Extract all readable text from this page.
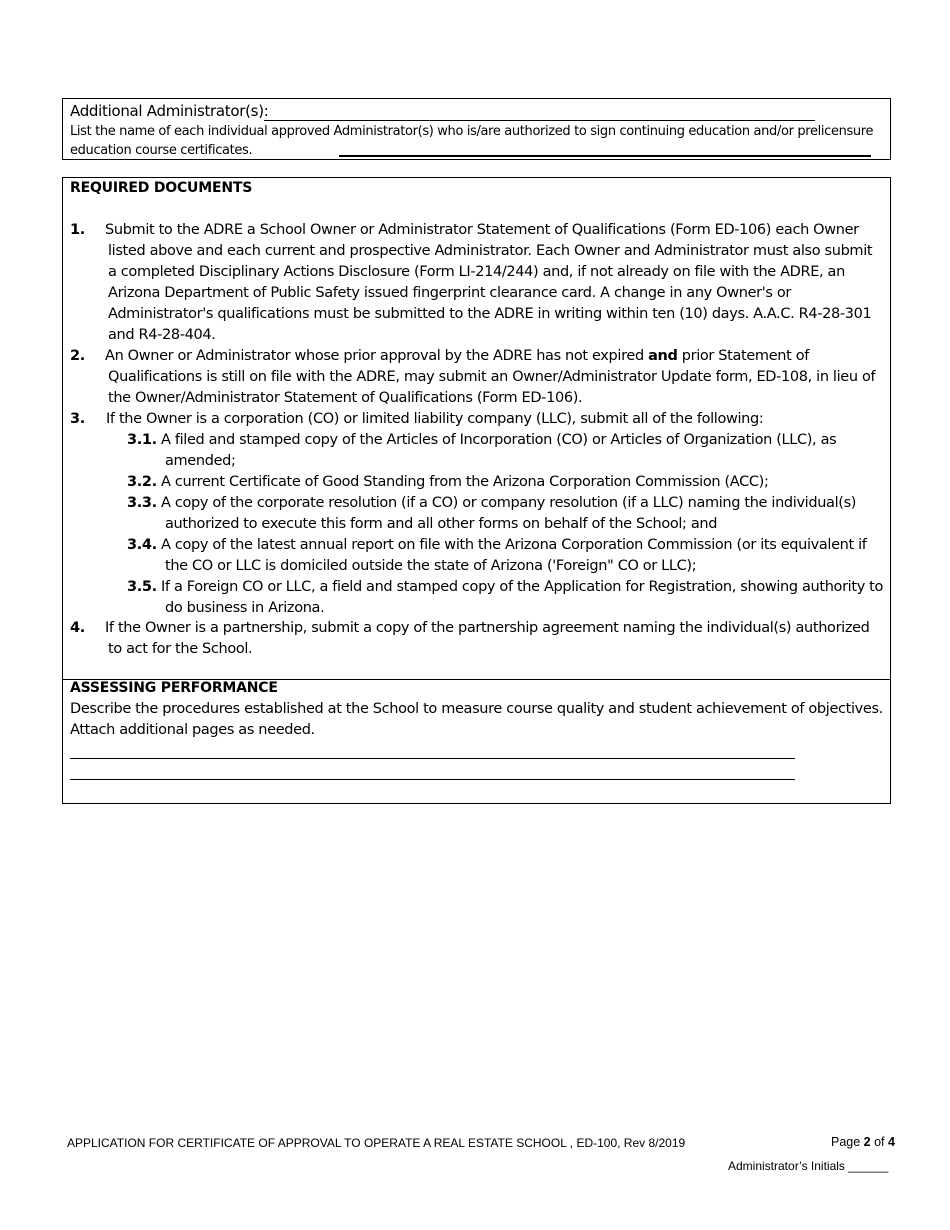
Additional Administrator(s):
List the name of each individual approved Administrator(s) who is/are authorized to sign continuing education and/or prelicensure education course certificates.
REQUIRED DOCUMENTS
1. Submit to the ADRE a School Owner or Administrator Statement of Qualifications (Form ED-106) each Owner listed above and each current and prospective Administrator. Each Owner and Administrator must also submit a completed Disciplinary Actions Disclosure (Form LI-214/244) and, if not already on file with the ADRE, an Arizona Department of Public Safety issued fingerprint clearance card. A change in any Owner's or Administrator's qualifications must be submitted to the ADRE in writing within ten (10) days. A.A.C. R4-28-301 and R4-28-404.
2. An Owner or Administrator whose prior approval by the ADRE has not expired and prior Statement of Qualifications is still on file with the ADRE, may submit an Owner/Administrator Update form, ED-108, in lieu of the Owner/Administrator Statement of Qualifications (Form ED-106).
3. If the Owner is a corporation (CO) or limited liability company (LLC), submit all of the following:
3.1. A filed and stamped copy of the Articles of Incorporation (CO) or Articles of Organization (LLC), as amended;
3.2. A current Certificate of Good Standing from the Arizona Corporation Commission (ACC);
3.3. A copy of the corporate resolution (if a CO) or company resolution (if a LLC) naming the individual(s) authorized to execute this form and all other forms on behalf of the School; and
3.4. A copy of the latest annual report on file with the Arizona Corporation Commission (or its equivalent if the CO or LLC is domiciled outside the state of Arizona ('Foreign" CO or LLC);
3.5. If a Foreign CO or LLC, a field and stamped copy of the Application for Registration, showing authority to do business in Arizona.
4. If the Owner is a partnership, submit a copy of the partnership agreement naming the individual(s) authorized to act for the School.
ASSESSING PERFORMANCE
Describe the procedures established at the School to measure course quality and student achievement of objectives. Attach additional pages as needed.
APPLICATION FOR CERTIFICATE OF APPROVAL TO OPERATE A REAL ESTATE SCHOOL , ED-100, Rev 8/2019	Page 2 of 4
Administrator’s Initials ______
